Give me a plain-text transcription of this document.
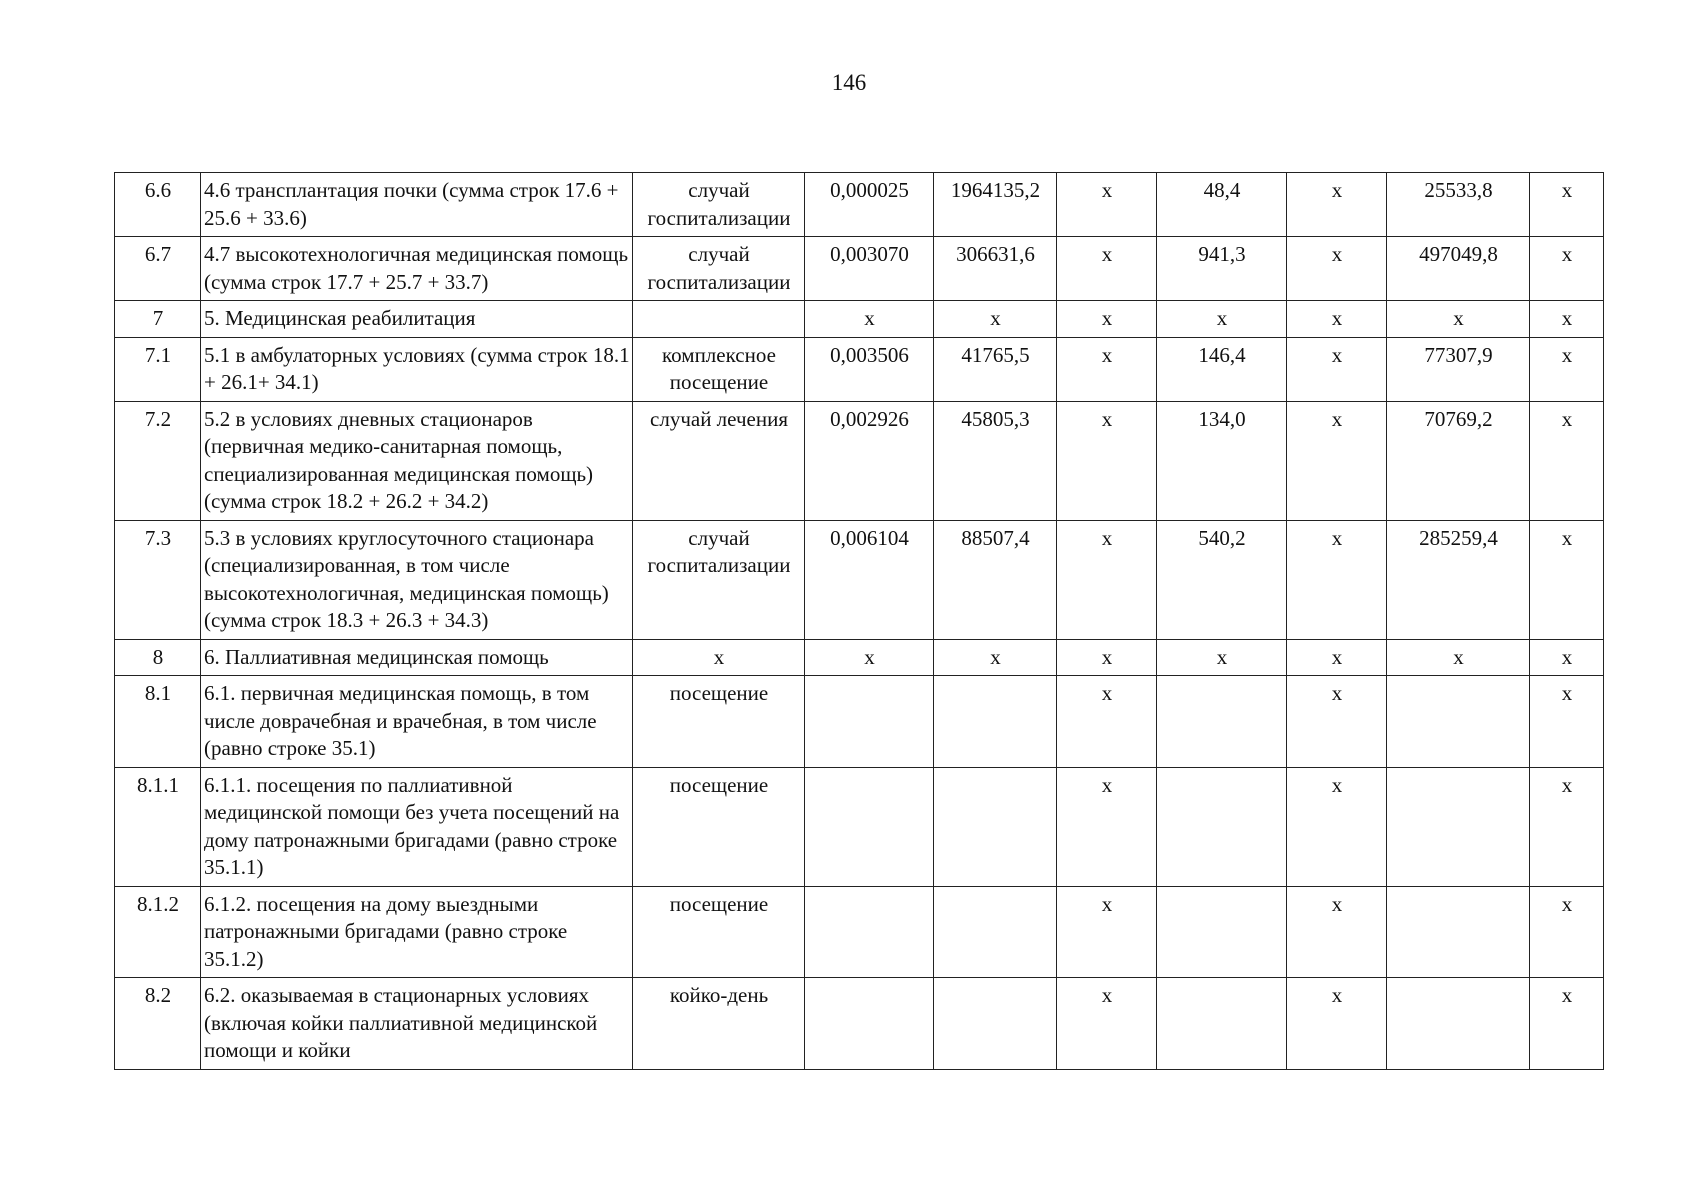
146
6.6	4.6 трансплантация почки (сумма строк 17.6 + 25.6 + 33.6)	случай госпитализации	0,000025	1964135,2	х	48,4	х	25533,8	х
6.7	4.7 высокотехнологичная медицинская помощь (сумма строк 17.7 + 25.7 + 33.7)	случай госпитализации	0,003070	306631,6	х	941,3	х	497049,8	х
7	5. Медицинская реабилитация		х	х	х	х	х	х	х
7.1	5.1 в амбулаторных условиях (сумма строк 18.1 + 26.1+ 34.1)	комплексное посещение	0,003506	41765,5	х	146,4	х	77307,9	х
7.2	5.2 в условиях дневных стационаров (первичная медико-санитарная помощь, специализированная медицинская помощь) (сумма строк 18.2 + 26.2 + 34.2)	случай лечения	0,002926	45805,3	х	134,0	х	70769,2	х
7.3	5.3 в условиях круглосуточного стационара (специализированная, в том числе высокотехнологичная, медицинская помощь) (сумма строк 18.3 + 26.3 + 34.3)	случай госпитализации	0,006104	88507,4	х	540,2	х	285259,4	х
8	6. Паллиативная медицинская помощь	х	х	х	х	х	х	х	х
8.1	6.1. первичная медицинская помощь, в том числе доврачебная и врачебная, в том числе (равно строке 35.1)	посещение			х		х		х
8.1.1	6.1.1. посещения по паллиативной медицинской помощи без учета посещений на дому патронажными бригадами (равно строке 35.1.1)	посещение			х		х		х
8.1.2	6.1.2. посещения на дому выездными патронажными бригадами (равно строке 35.1.2)	посещение			х		х		х
8.2	6.2. оказываемая в стационарных условиях (включая койки паллиативной медицинской помощи и койки	койко-день			х		х		х
